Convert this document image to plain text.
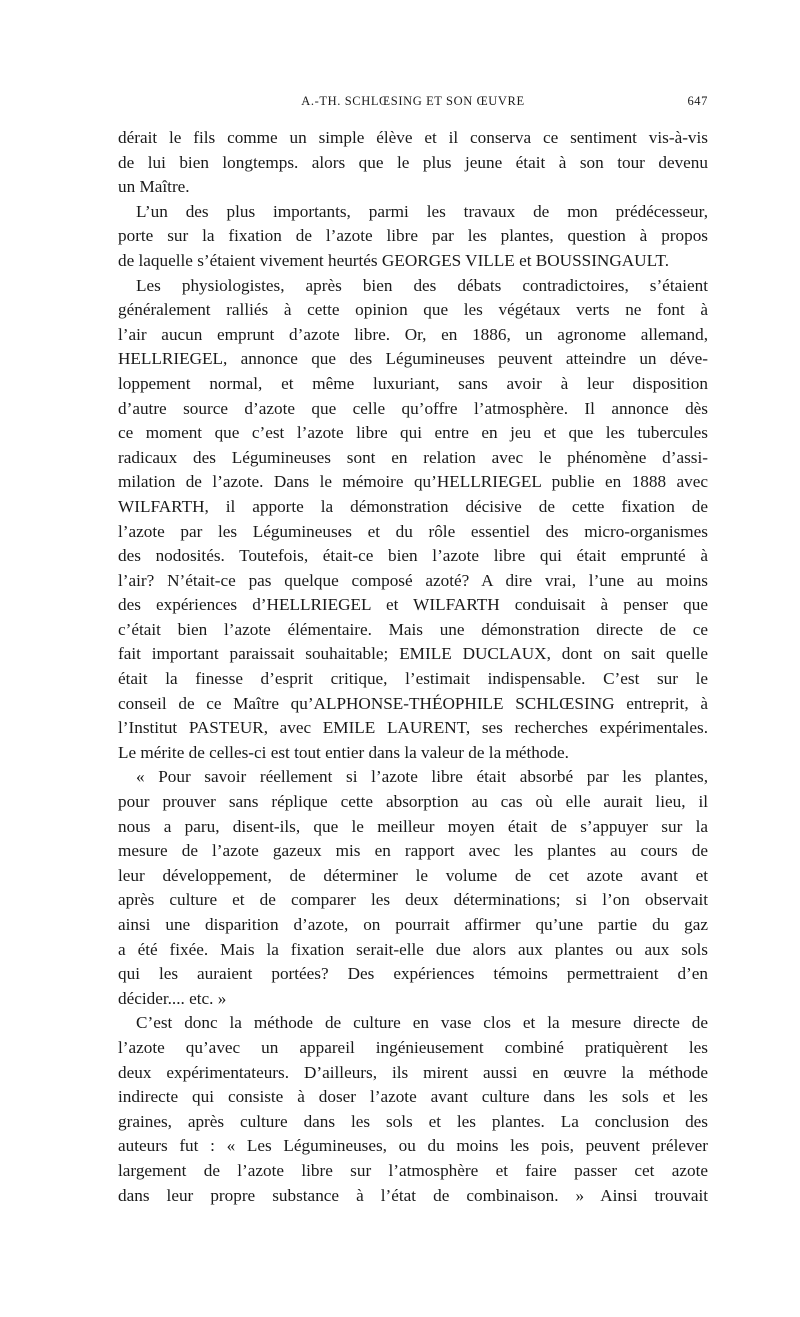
A.-TH. SCHLŒSING ET SON ŒUVRE	647
dérait le fils comme un simple élève et il conserva ce sentiment vis-à-vis
de lui bien longtemps. alors que le plus jeune était à son tour devenu
un Maître.
L’un des plus importants, parmi les travaux de mon prédécesseur,
porte sur la fixation de l’azote libre par les plantes, question à propos
de laquelle s’étaient vivement heurtés GEORGES VILLE et BOUSSINGAULT.
Les physiologistes, après bien des débats contradictoires, s’étaient
généralement ralliés à cette opinion que les végétaux verts ne font à
l’air aucun emprunt d’azote libre. Or, en 1886, un agronome allemand,
HELLRIEGEL, annonce que des Légumineuses peuvent atteindre un déve-
loppement normal, et même luxuriant, sans avoir à leur disposition
d’autre source d’azote que celle qu’offre l’atmosphère. Il annonce dès
ce moment que c’est l’azote libre qui entre en jeu et que les tubercules
radicaux des Légumineuses sont en relation avec le phénomène d’assi-
milation de l’azote. Dans le mémoire qu’HELLRIEGEL publie en 1888 avec
WILFARTH, il apporte la démonstration décisive de cette fixation de
l’azote par les Légumineuses et du rôle essentiel des micro-organismes
des nodosités. Toutefois, était-ce bien l’azote libre qui était emprunté à
l’air? N’était-ce pas quelque composé azoté? A dire vrai, l’une au moins
des expériences d’HELLRIEGEL et WILFARTH conduisait à penser que
c’était bien l’azote élémentaire. Mais une démonstration directe de ce
fait important paraissait souhaitable; EMILE DUCLAUX, dont on sait quelle
était la finesse d’esprit critique, l’estimait indispensable. C’est sur le
conseil de ce Maître qu’ALPHONSE-THÉOPHILE SCHLŒSING entreprit, à
l’Institut PASTEUR, avec EMILE LAURENT, ses recherches expérimentales.
Le mérite de celles-ci est tout entier dans la valeur de la méthode.
« Pour savoir réellement si l’azote libre était absorbé par les plantes,
pour prouver sans réplique cette absorption au cas où elle aurait lieu, il
nous a paru, disent-ils, que le meilleur moyen était de s’appuyer sur la
mesure de l’azote gazeux mis en rapport avec les plantes au cours de
leur développement, de déterminer le volume de cet azote avant et
après culture et de comparer les deux déterminations; si l’on observait
ainsi une disparition d’azote, on pourrait affirmer qu’une partie du gaz
a été fixée. Mais la fixation serait-elle due alors aux plantes ou aux sols
qui les auraient portées? Des expériences témoins permettraient d’en
décider.... etc. »
C’est donc la méthode de culture en vase clos et la mesure directe de
l’azote qu’avec un appareil ingénieusement combiné pratiquèrent les
deux expérimentateurs. D’ailleurs, ils mirent aussi en œuvre la méthode
indirecte qui consiste à doser l’azote avant culture dans les sols et les
graines, après culture dans les sols et les plantes. La conclusion des
auteurs fut : « Les Légumineuses, ou du moins les pois, peuvent prélever
largement de l’azote libre sur l’atmosphère et faire passer cet azote
dans leur propre substance à l’état de combinaison. » Ainsi trouvait
